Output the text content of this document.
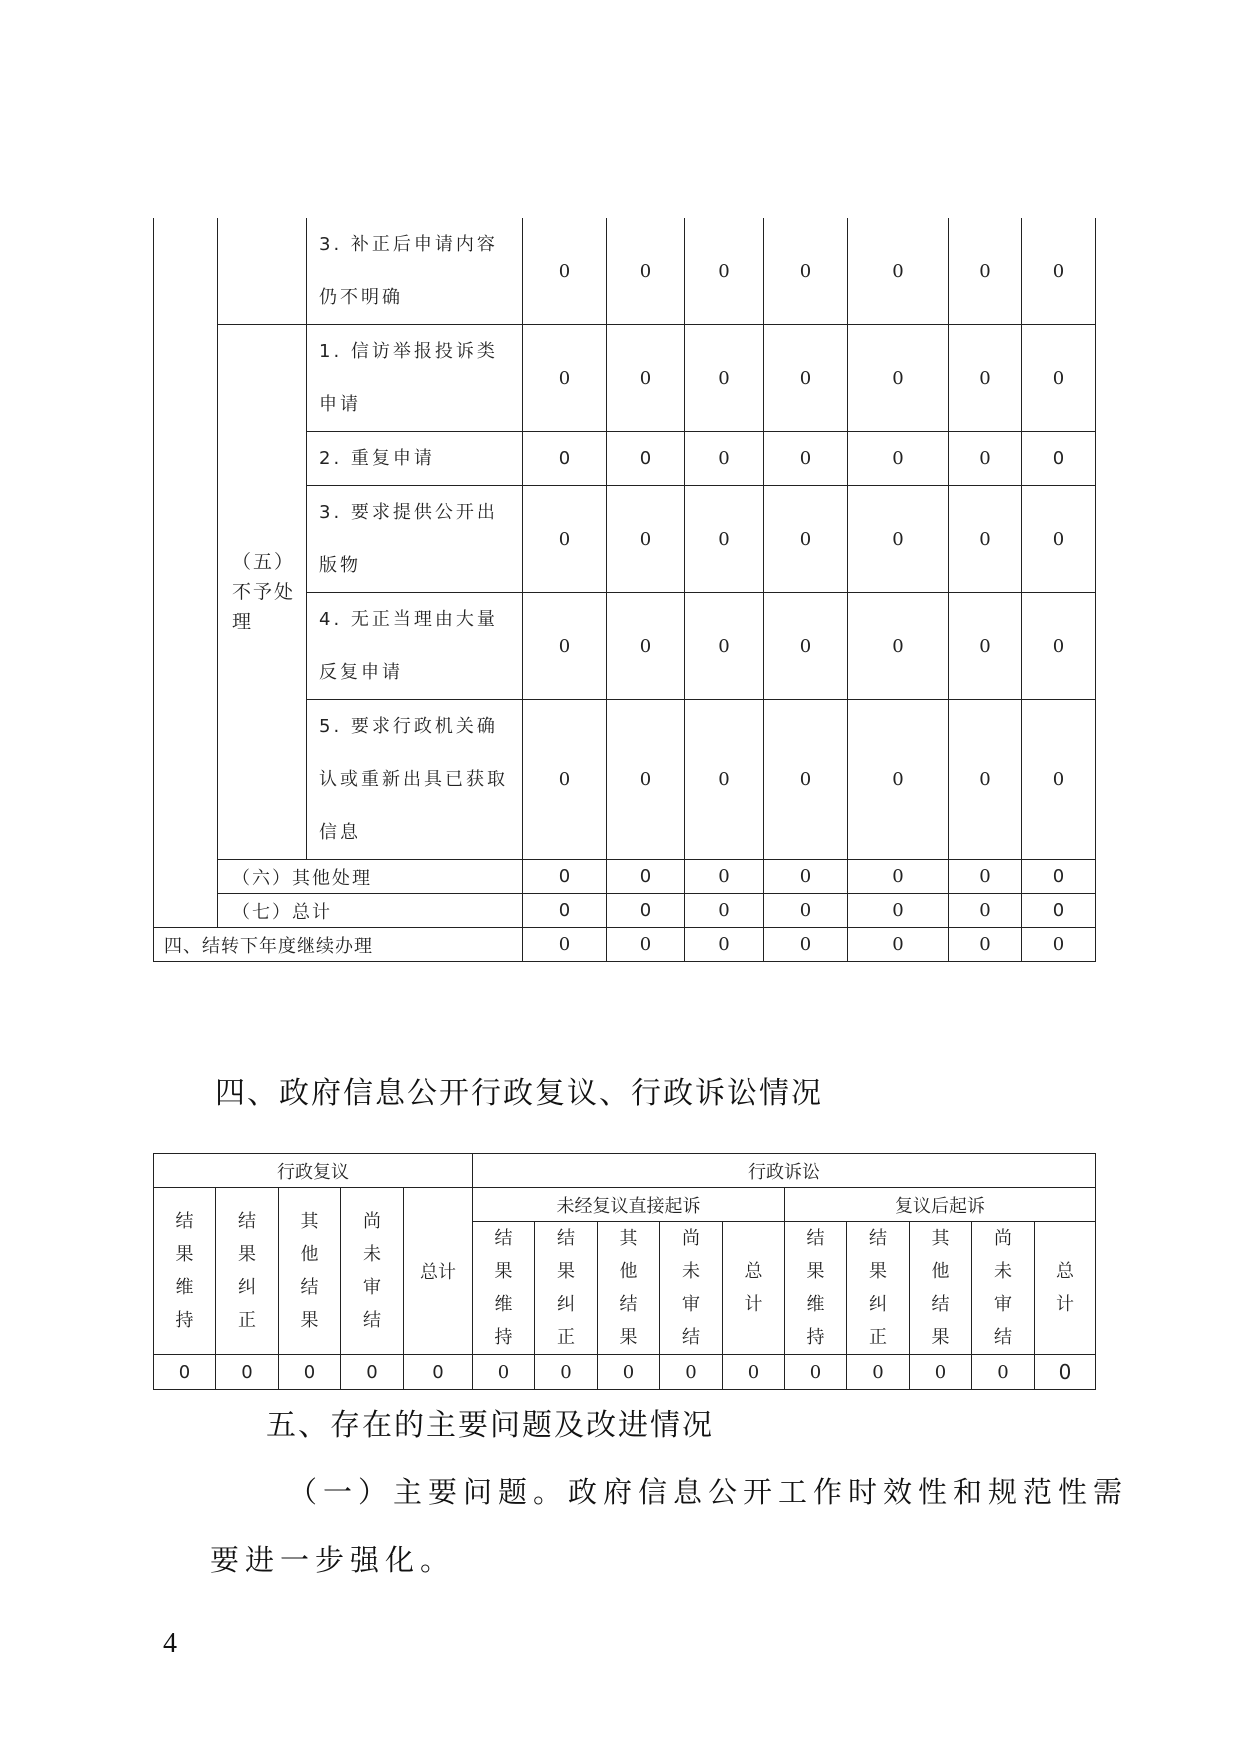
		3. 补正后申请内容仍不明确	0	0	0	0	0	0	0

	（五）不予处理	1. 信访举报投诉类申请	0	0	0	0	0	0	0

		2. 重复申请	0	0	0	0	0	0	0

		3. 要求提供公开出版物	0	0	0	0	0	0	0

		4. 无正当理由大量反复申请	0	0	0	0	0	0	0

		5. 要求行政机关确认或重新出具已获取信息	0	0	0	0	0	0	0
	（六）其他处理		0	0	0	0	0	0	0
	（七）总计		0	0	0	0	0	0	0
四、结转下年度继续办理			0	0	0	0	0	0	0
四、政府信息公开行政复议、行政诉讼情况
行政复议					行政诉讼									
结果维持	结果纠正	其他结果	尚未审结	总计	未经复议直接起诉					复议后起诉				
					结果维持	结果纠正	其他结果	尚未审结	总计	结果维持	结果纠正	其他结果	尚未审结	总计
0	0	0	0	0	0	0	0	0	0	0	0	0	0	0
五、存在的主要问题及改进情况
（一）主要问题。政府信息公开工作时效性和规范性需
要进一步强化。
4
